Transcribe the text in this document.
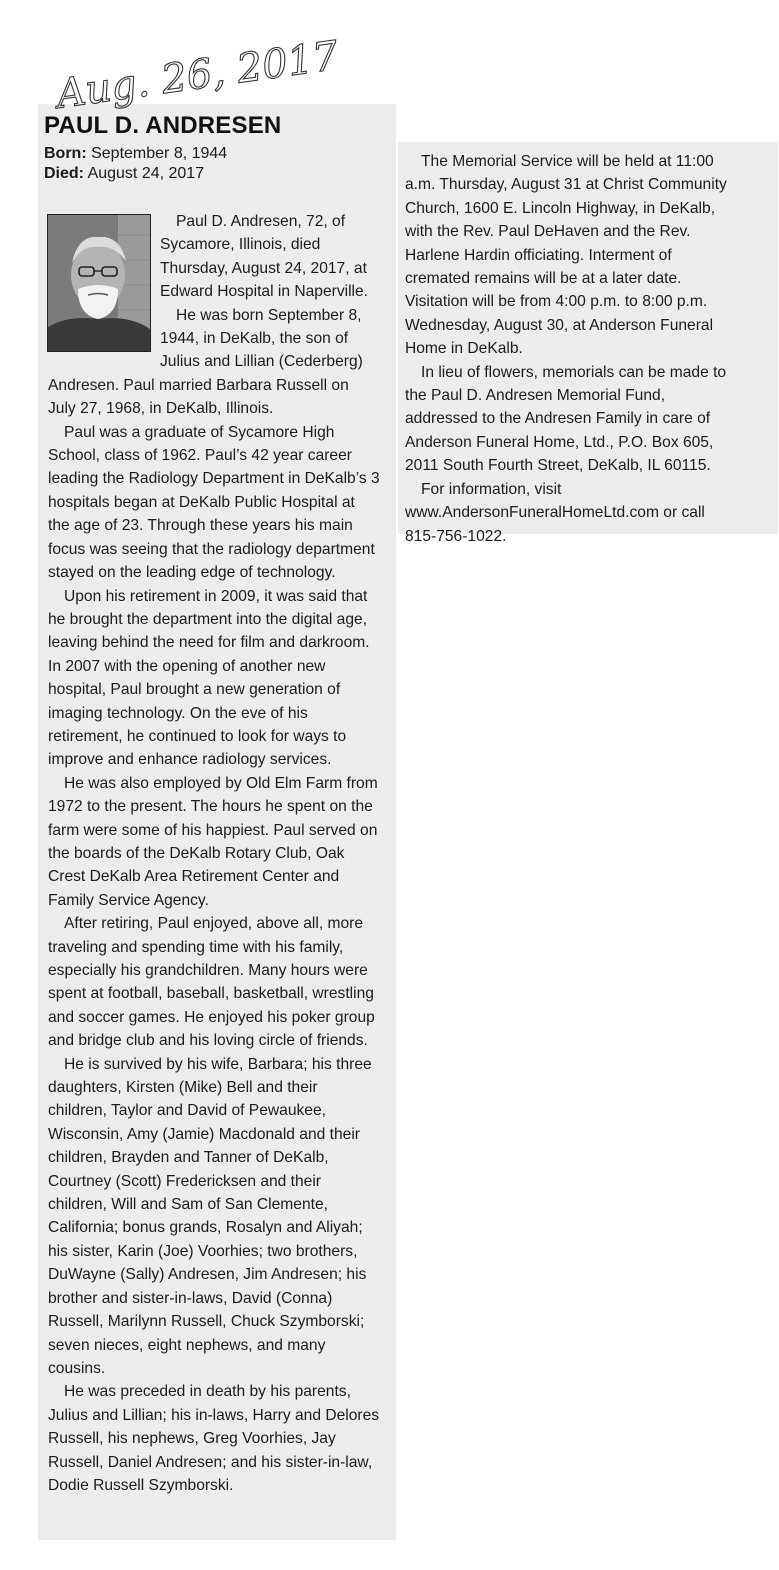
Aug. 26, 2017
PAUL D. ANDRESEN
Born: September 8, 1944
Died: August 24, 2017

Paul D. Andresen, 72, of

Sycamore, Illinois, died

Thursday, August 24, 2017, at

Edward Hospital in Naperville.

He was born September 8,

1944, in DeKalb, the son of

Julius and Lillian (Cederberg)

Andresen. Paul married Barbara Russell on July 27, 1968, in DeKalb, Illinois.

Paul was a graduate of Sycamore High School, class of 1962. Paul’s 42 year career leading the Radiology Department in DeKalb’s 3 hospitals began at DeKalb Public Hospital at the age of 23. Through these years his main focus was seeing that the radiology department stayed on the leading edge of technology.

Upon his retirement in 2009, it was said that he brought the department into the digital age, leaving behind the need for film and darkroom. In 2007 with the opening of another new hospital, Paul brought a new generation of imaging technology. On the eve of his retirement, he continued to look for ways to improve and enhance radiology services.

He was also employed by Old Elm Farm from 1972 to the present. The hours he spent on the farm were some of his happiest. Paul served on the boards of the DeKalb Rotary Club, Oak Crest DeKalb Area Retirement Center and Family Service Agency.

After retiring, Paul enjoyed, above all, more traveling and spending time with his family, especially his grandchildren. Many hours were spent at football, baseball, basketball, wrestling and soccer games. He enjoyed his poker group and bridge club and his loving circle of friends.

He is survived by his wife, Barbara; his three daughters, Kirsten (Mike) Bell and their children, Taylor and David of Pewaukee, Wisconsin, Amy (Jamie) Macdonald and their children, Brayden and Tanner of DeKalb, Courtney (Scott) Fredericksen and their children, Will and Sam of San Clemente, California; bonus grands, Rosalyn and Aliyah; his sister, Karin (Joe) Voorhies; two brothers, DuWayne (Sally) Andresen, Jim Andresen; his brother and sister-in-laws, David (Conna) Russell, Marilynn Russell, Chuck Szymborski; seven nieces, eight nephews, and many cousins.

He was preceded in death by his parents, Julius and Lillian; his in-laws, Harry and Delores Russell, his nephews, Greg Voorhies, Jay Russell, Daniel Andresen; and his sister-in-law, Dodie Russell Szymborski.

The Memorial Service will be held at 11:00 a.m. Thursday, August 31 at Christ Community Church, 1600 E. Lincoln Highway, in DeKalb, with the Rev. Paul DeHaven and the Rev. Harlene Hardin officiating. Interment of cremated remains will be at a later date. Visitation will be from 4:00 p.m. to 8:00 p.m. Wednesday, August 30, at Anderson Funeral Home in DeKalb.

In lieu of flowers, memorials can be made to the Paul D. Andresen Memorial Fund, addressed to the Andresen Family in care of Anderson Funeral Home, Ltd., P.O. Box 605, 2011 South Fourth Street, DeKalb, IL 60115.

For information, visit www.AndersonFuneralHomeLtd.com or call 815-756-1022.
